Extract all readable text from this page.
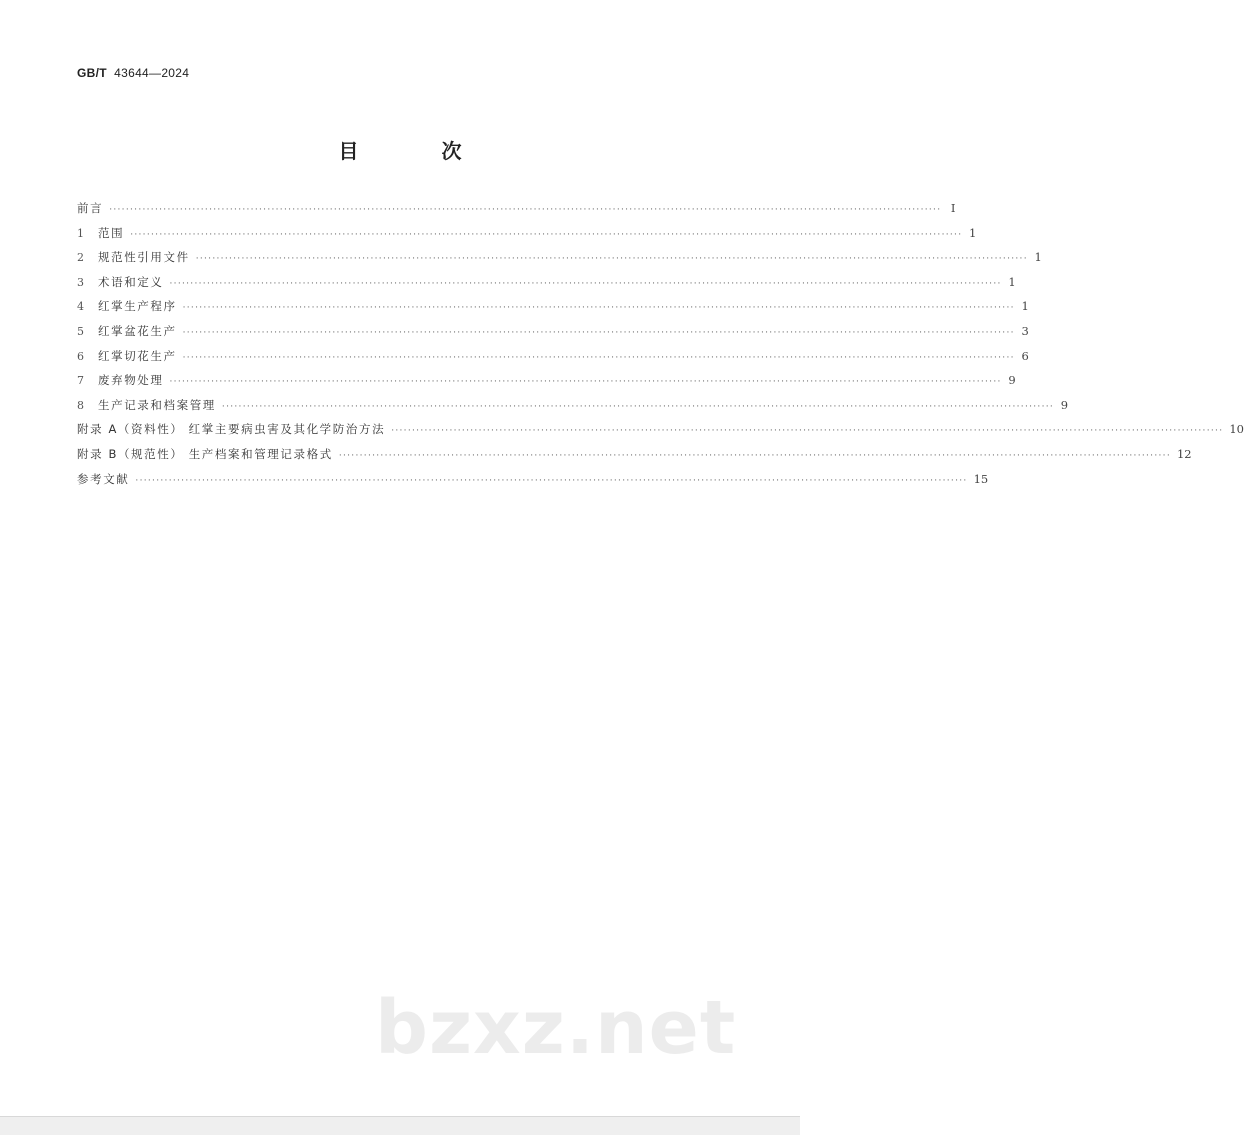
GB/T 43644—2024
目 次
前言 ········································································································································································································ I
1	范围 ········································································································································································································ 1
2	规范性引用文件 ········································································································································································································ 1
3	术语和定义 ········································································································································································································ 1
4	红掌生产程序 ········································································································································································································ 1
5	红掌盆花生产 ········································································································································································································ 3
6	红掌切花生产 ········································································································································································································ 6
7	废弃物处理 ········································································································································································································ 9
8	生产记录和档案管理 ········································································································································································································ 9
附录 A（资料性） 红掌主要病虫害及其化学防治方法 ········································································································································································································ 10
附录 B（规范性） 生产档案和管理记录格式 ········································································································································································································ 12
参考文献 ········································································································································································································ 15
bzxz.net
